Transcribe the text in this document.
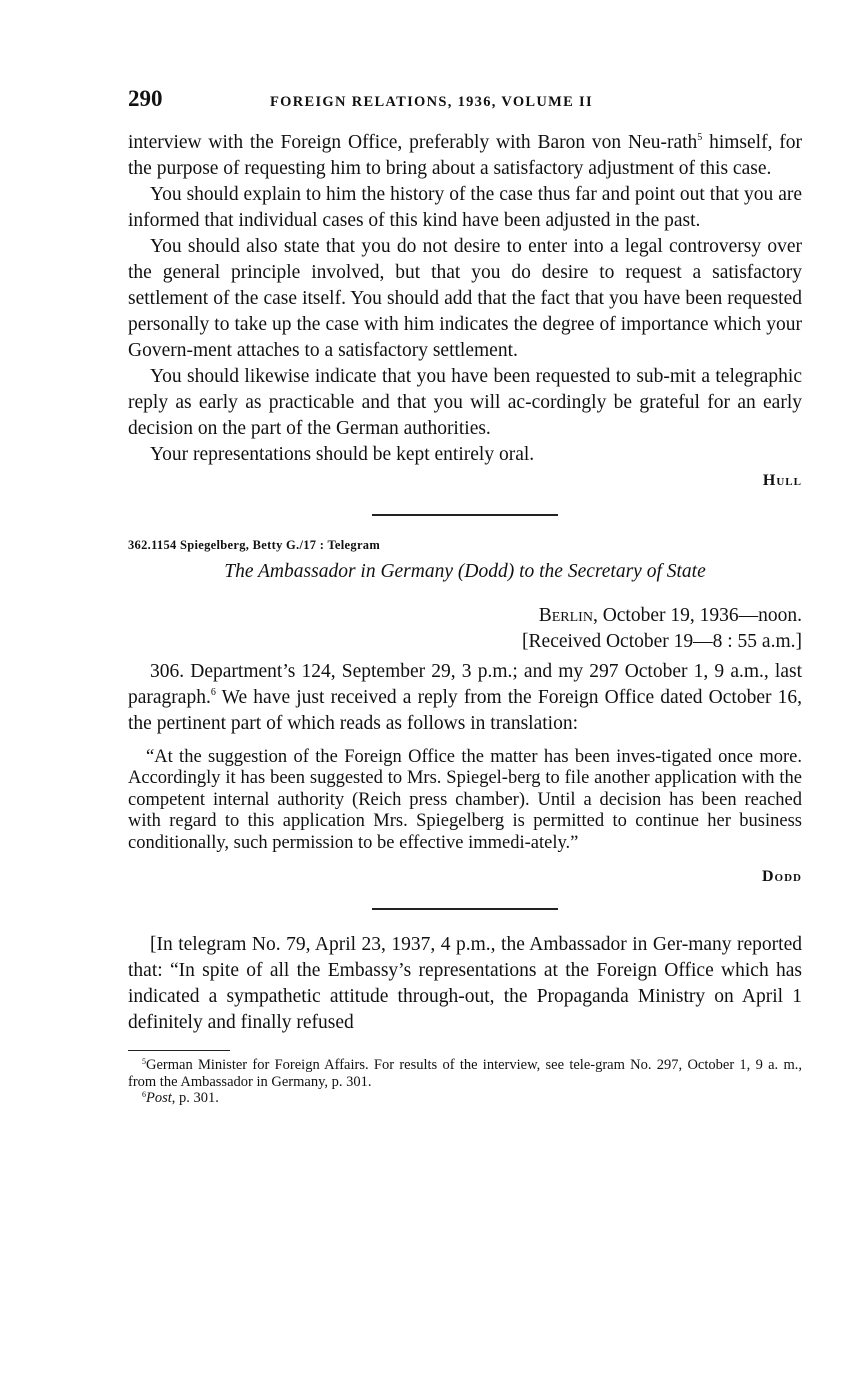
290	FOREIGN RELATIONS, 1936, VOLUME II

interview with the Foreign Office, preferably with Baron von Neu-rath$^5$ himself, for the purpose of requesting him to bring about a satisfactory adjustment of this case.

You should explain to him the history of the case thus far and point out that you are informed that individual cases of this kind have been adjusted in the past.

You should also state that you do not desire to enter into a legal controversy over the general principle involved, but that you do desire to request a satisfactory settlement of the case itself. You should add that the fact that you have been requested personally to take up the case with him indicates the degree of importance which your Govern-ment attaches to a satisfactory settlement.

You should likewise indicate that you have been requested to sub-mit a telegraphic reply as early as practicable and that you will ac-cordingly be grateful for an early decision on the part of the German authorities.

Your representations should be kept entirely oral.

Hull
362.1154 Spiegelberg, Betty G./17 : Telegram
The Ambassador in Germany (Dodd) to the Secretary of State
Berlin, October 19, 1936—noon.
[Received October 19—8 : 55 a.m.]

306. Department’s 124, September 29, 3 p.m.; and my 297 October 1, 9 a.m., last paragraph.$^6$ We have just received a reply from the Foreign Office dated October 16, the pertinent part of which reads as follows in translation:

“At the suggestion of the Foreign Office the matter has been inves-tigated once more. Accordingly it has been suggested to Mrs. Spiegel-berg to file another application with the competent internal authority (Reich press chamber). Until a decision has been reached with regard to this application Mrs. Spiegelberg is permitted to continue her business conditionally, such permission to be effective immedi-ately.”

Dodd

[In telegram No. 79, April 23, 1937, 4 p.m., the Ambassador in Ger-many reported that: “In spite of all the Embassy’s representations at the Foreign Office which has indicated a sympathetic attitude through-out, the Propaganda Ministry on April 1 definitely and finally refused

$^5$German Minister for Foreign Affairs. For results of the interview, see tele-gram No. 297, October 1, 9 a. m., from the Ambassador in Germany, p. 301.

$^6$Post, p. 301.
